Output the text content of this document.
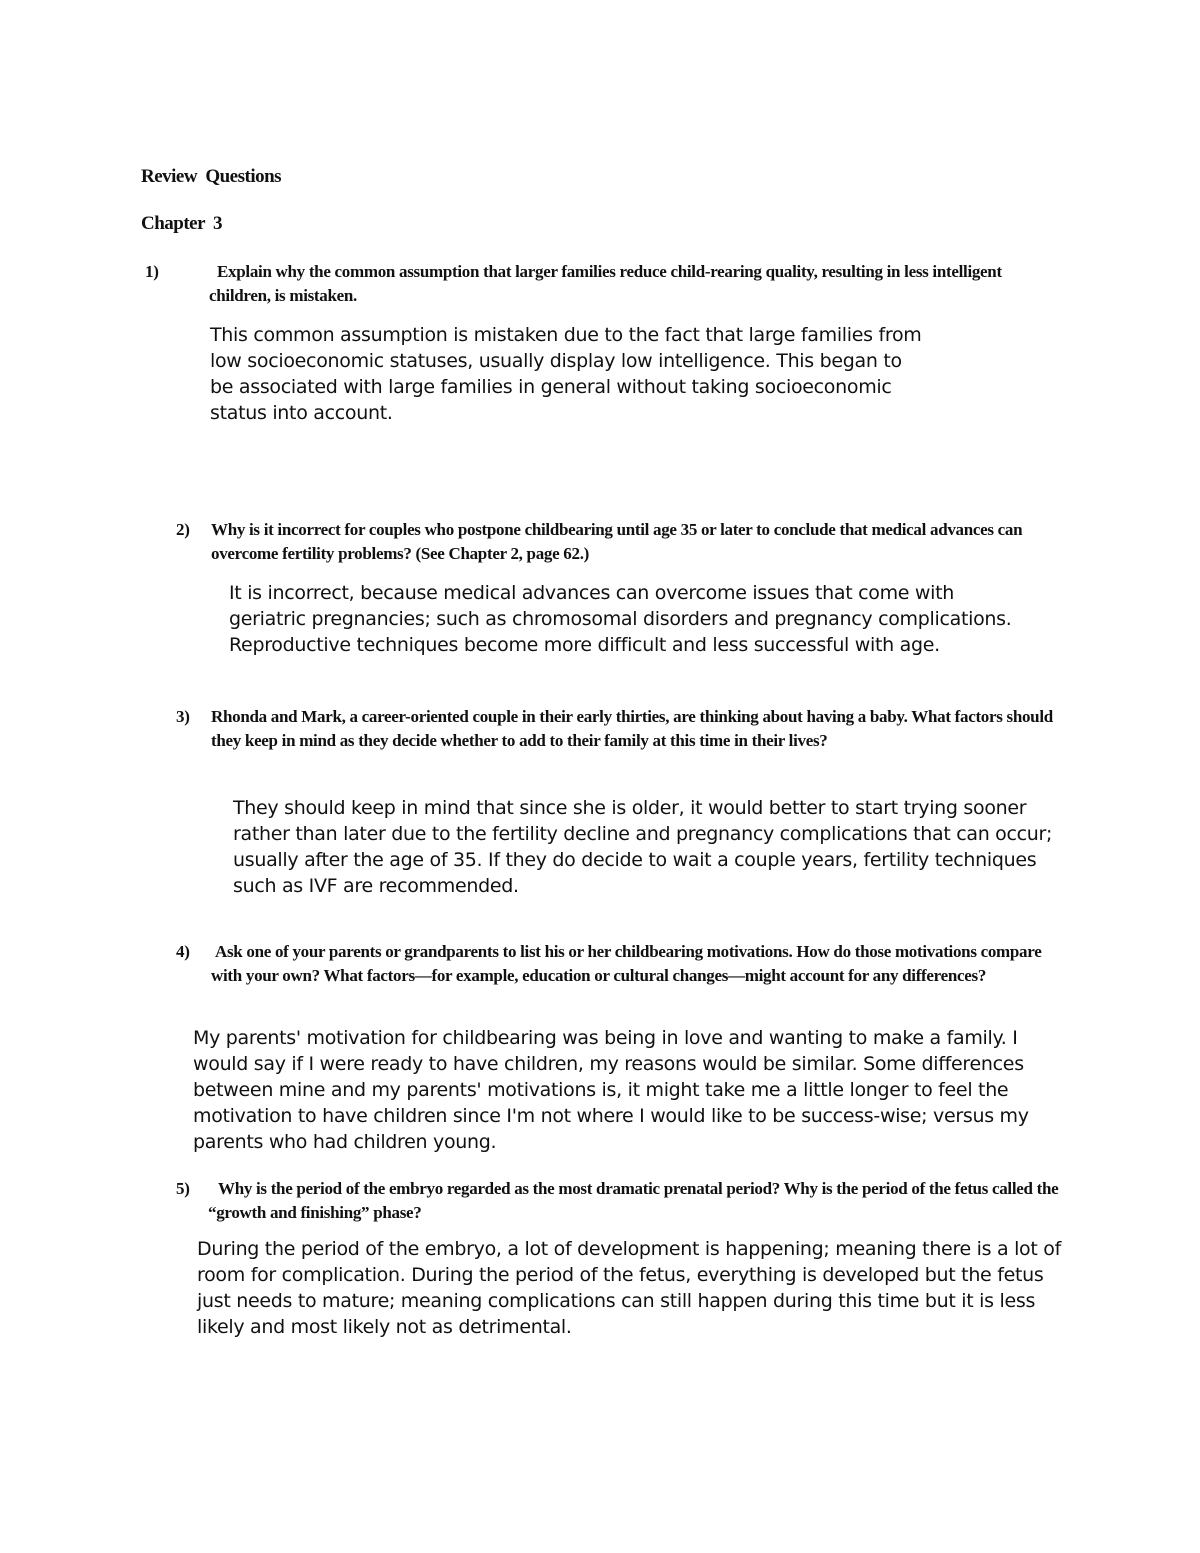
Review Questions
Chapter 3
1)	Explain why the common assumption that larger families reduce child-rearing quality, resulting in less intelligent children, is mistaken.

This common assumption is mistaken due to the fact that large families from low socioeconomic statuses, usually display low intelligence. This began to be associated with large families in general without taking socioeconomic status into account.

2) Why is it incorrect for couples who postpone childbearing until age 35 or later to conclude that medical advances can overcome fertility problems? (See Chapter 2, page 62.)

It is incorrect, because medical advances can overcome issues that come with geriatric pregnancies; such as chromosomal disorders and pregnancy complications. Reproductive techniques become more difficult and less successful with age.

3) Rhonda and Mark, a career-oriented couple in their early thirties, are thinking about having a baby. What factors should they keep in mind as they decide whether to add to their family at this time in their lives?

They should keep in mind that since she is older, it would better to start trying sooner rather than later due to the fertility decline and pregnancy complications that can occur; usually after the age of 35. If they do decide to wait a couple years, fertility techniques such as IVF are recommended.

4) Ask one of your parents or grandparents to list his or her childbearing motivations. How do those motivations compare with your own? What factors—for example, education or cultural changes—might account for any differences?

My parents' motivation for childbearing was being in love and wanting to make a family. I would say if I were ready to have children, my reasons would be similar. Some differences between mine and my parents' motivations is, it might take me a little longer to feel the motivation to have children since I'm not where I would like to be success-wise; versus my parents who had children young.

5)	Why is the period of the embryo regarded as the most dramatic prenatal period? Why is the period of the fetus called the “growth and finishing” phase?

During the period of the embryo, a lot of development is happening; meaning there is a lot of room for complication. During the period of the fetus, everything is developed but the fetus just needs to mature; meaning complications can still happen during this time but it is less likely and most likely not as detrimental.
